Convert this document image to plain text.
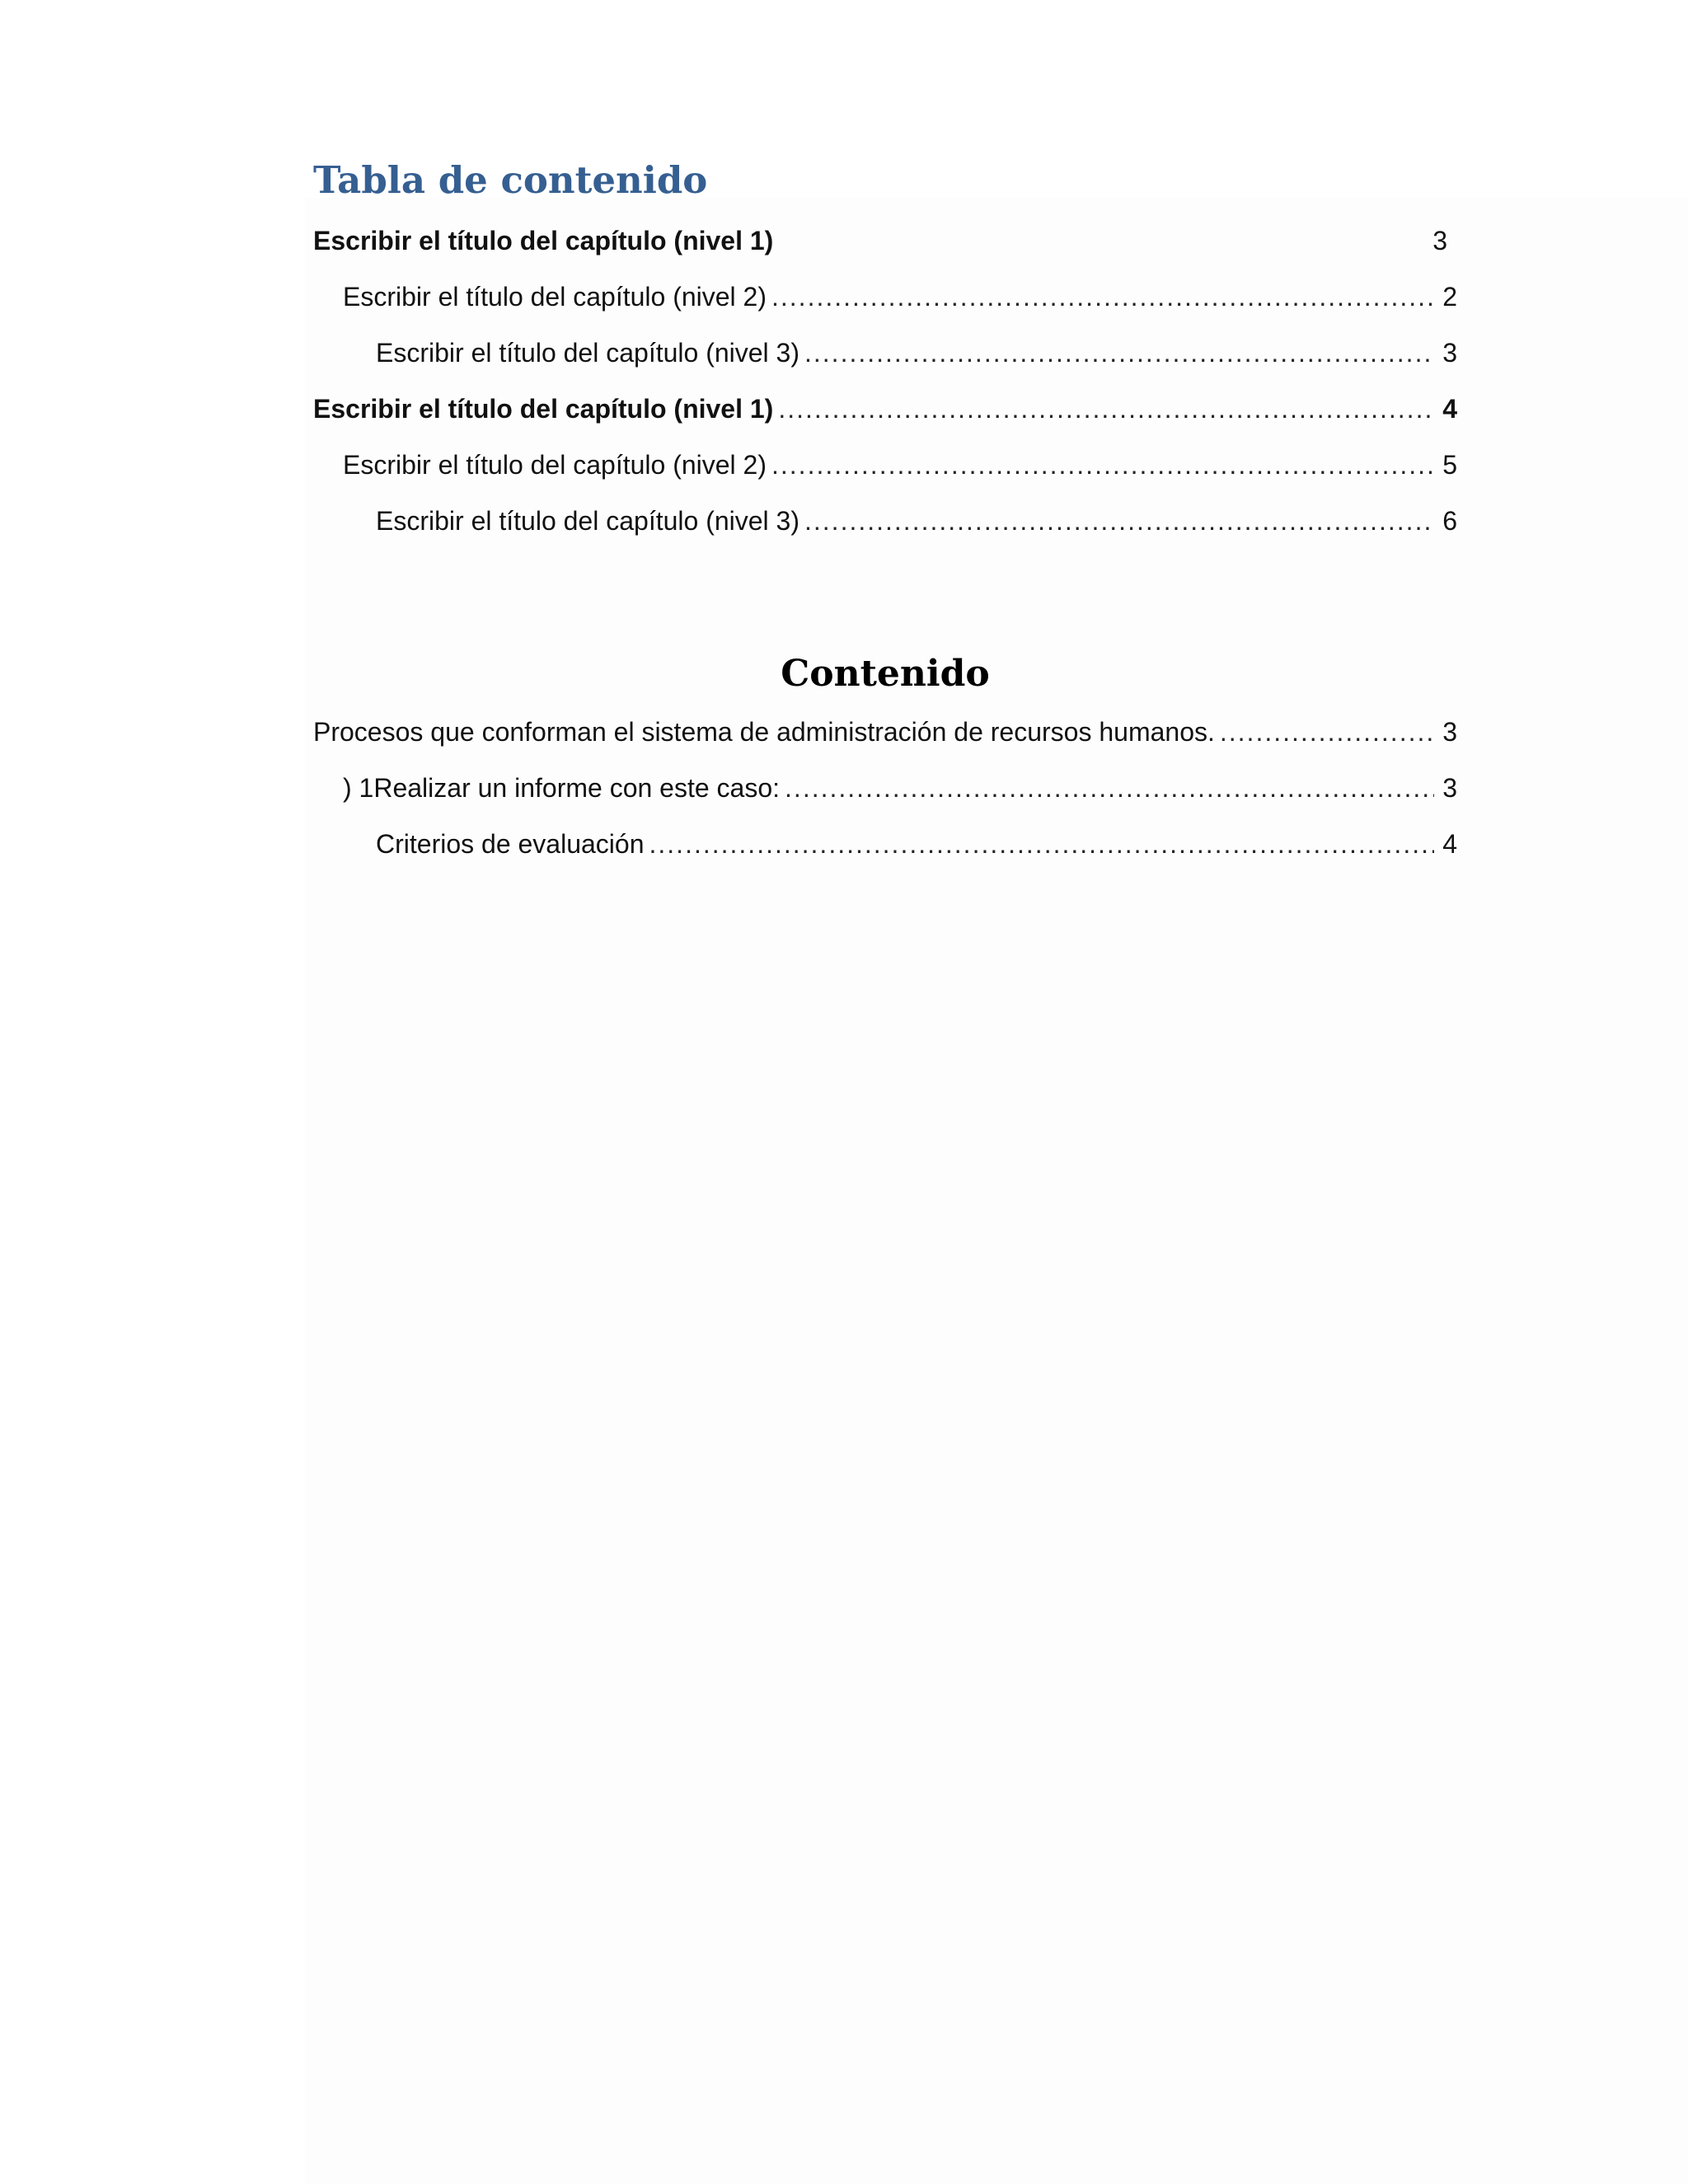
Tabla de contenido
Escribir el título del capítulo (nivel 1)	3
Escribir el título del capítulo (nivel 2) .....	2
Escribir el título del capítulo (nivel 3) .....	3
Escribir el título del capítulo (nivel 1) .....	4
Escribir el título del capítulo (nivel 2) .....	5
Escribir el título del capítulo (nivel 3) .....	6
Contenido
Procesos que conforman el sistema de administración de recursos humanos. .....	3
) 1Realizar un informe con este caso: .....	3
Criterios de evaluación .....	4
